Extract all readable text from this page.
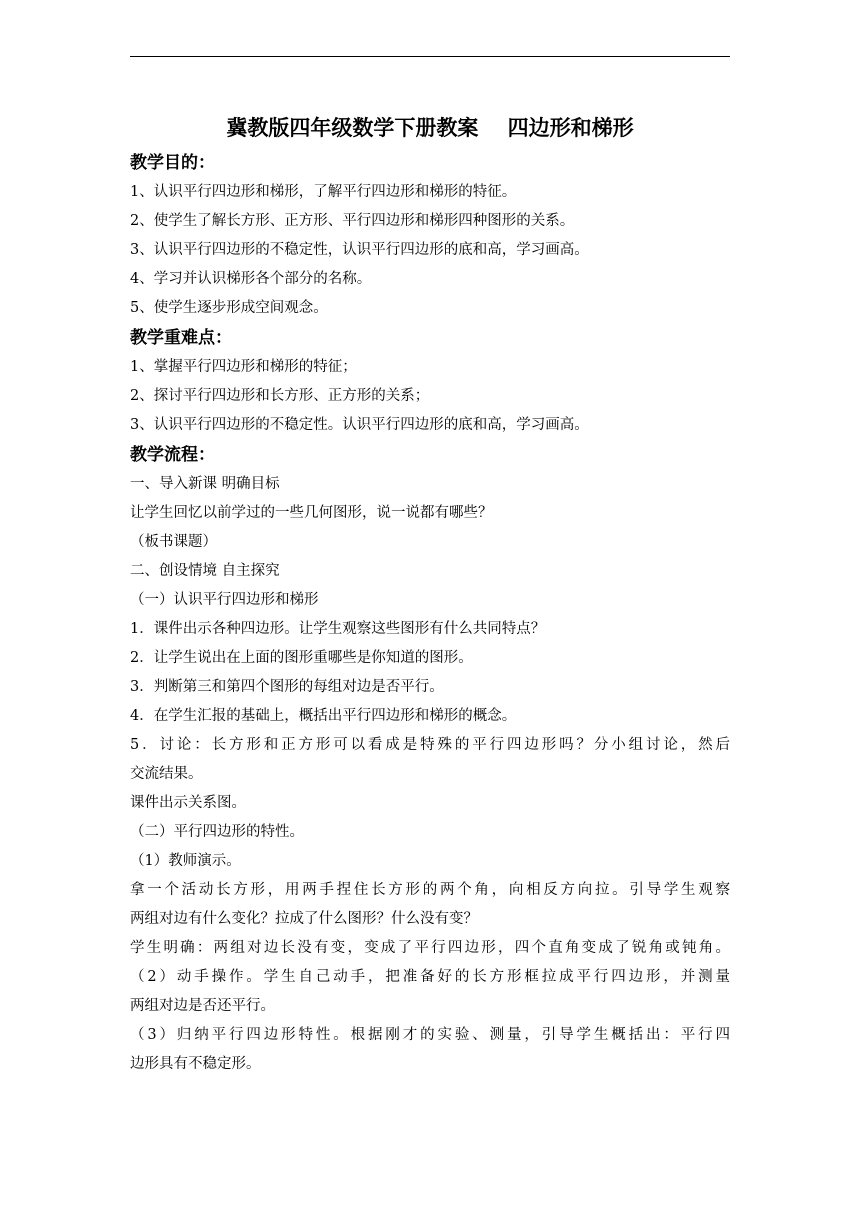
冀教版四年级数学下册教案    四边形和梯形
教学目的：
1、认识平行四边形和梯形，了解平行四边形和梯形的特征。
2、使学生了解长方形、正方形、平行四边形和梯形四种图形的关系。
3、认识平行四边形的不稳定性，认识平行四边形的底和高，学习画高。
4、学习并认识梯形各个部分的名称。
5、使学生逐步形成空间观念。
教学重难点：
1、掌握平行四边形和梯形的特征；
2、探讨平行四边形和长方形、正方形的关系；
3、认识平行四边形的不稳定性。认识平行四边形的底和高，学习画高。
教学流程：
一、导入新课 明确目标
让学生回忆以前学过的一些几何图形，说一说都有哪些？
（板书课题）
二、创设情境 自主探究
（一）认识平行四边形和梯形
1．课件出示各种四边形。让学生观察这些图形有什么共同特点？
2．让学生说出在上面的图形重哪些是你知道的图形。
3．判断第三和第四个图形的每组对边是否平行。
4．在学生汇报的基础上，概括出平行四边形和梯形的概念。
5．讨论：长方形和正方形可以看成是特殊的平行四边形吗？分小组讨论，然后
交流结果。
课件出示关系图。
（二）平行四边形的特性。
（1）教师演示。
拿一个活动长方形，用两手捏住长方形的两个角，向相反方向拉。引导学生观察
两组对边有什么变化？拉成了什么图形？什么没有变？
学生明确：两组对边长没有变，变成了平行四边形，四个直角变成了锐角或钝角。
（2）动手操作。学生自己动手，把准备好的长方形框拉成平行四边形，并测量
两组对边是否还平行。
（3）归纳平行四边形特性。根据刚才的实验、测量，引导学生概括出：平行四
边形具有不稳定形。
